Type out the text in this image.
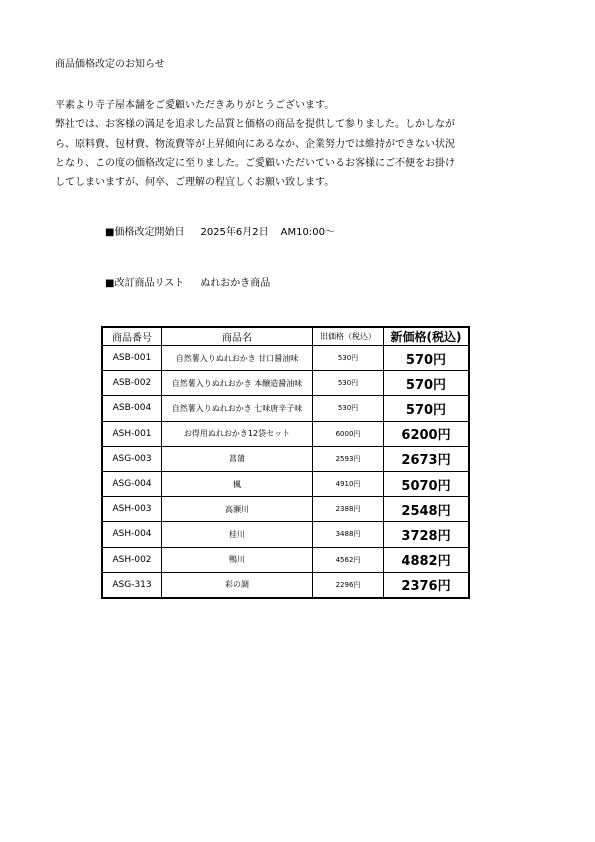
商品価格改定のお知らせ
平素より寺子屋本舗をご愛顧いただきありがとうございます。
弊社では、お客様の満足を追求した品質と価格の商品を提供して参りました。しかしなが
ら、原料費、包材費、物流費等が上昇傾向にあるなか、企業努力では維持ができない状況
となり、この度の価格改定に至りました。ご愛顧いただいているお客様にご不便をお掛け
してしまいますが、何卒、ご理解の程宜しくお願い致します。
■価格改定開始日 2025年6月2日 AM10:00〜
■改訂商品リスト ぬれおかき商品
商品番号	商品名	旧価格（税込）	新価格(税込)
ASB-001	自然薯入りぬれおかき 甘口醤油味	530円	570円
ASB-002	自然薯入りぬれおかき 本醸造醤油味	530円	570円
ASB-004	自然薯入りぬれおかき 七味唐辛子味	530円	570円
ASH-001	お得用ぬれおかき12袋セット	6000円	6200円
ASG-003	菖蒲	2593円	2673円
ASG-004	楓	4910円	5070円
ASH-003	高瀬川	2388円	2548円
ASH-004	桂川	3488円	3728円
ASH-002	鴨川	4562円	4882円
ASG-313	彩の調	2296円	2376円
